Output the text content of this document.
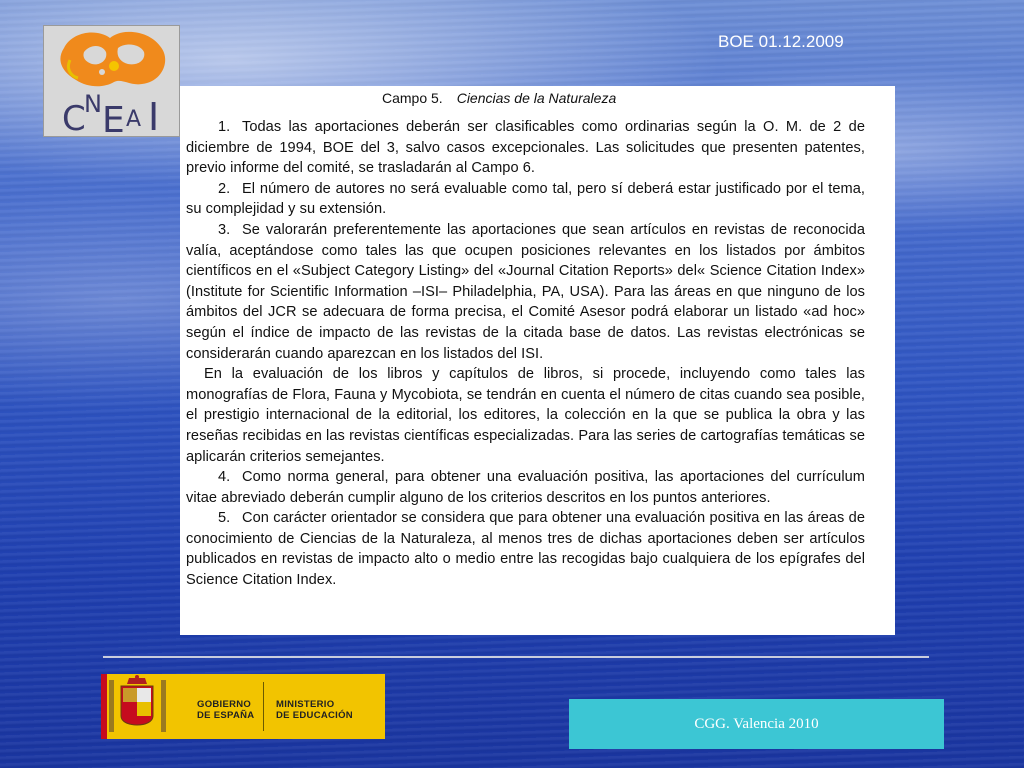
C
N E A I
BOE 01.12.2009
Campo 5. Ciencias de la Naturaleza
1. Todas las aportaciones deberán ser clasificables como ordinarias según la O. M. de 2 de diciembre de 1994, BOE del 3, salvo casos excepcionales. Las solicitudes que presenten patentes, previo informe del comité, se trasladarán al Campo 6.
2. El número de autores no será evaluable como tal, pero sí deberá estar justificado por el tema, su complejidad y su extensión.
3. Se valorarán preferentemente las aportaciones que sean artículos en revistas de reconocida valía, aceptándose como tales las que ocupen posiciones relevantes en los listados por ámbitos científicos en el «Subject Category Listing» del «Journal Citation Reports» del« Science Citation Index» (Institute for Scientific Information –ISI– Philadelphia, PA, USA). Para las áreas en que ninguno de los ámbitos del JCR se adecuara de forma precisa, el Comité Asesor podrá elaborar un listado «ad hoc» según el índice de impacto de las revistas de la citada base de datos. Las revistas electrónicas se considerarán cuando aparezcan en los listados del ISI.
En la evaluación de los libros y capítulos de libros, si procede, incluyendo como tales las monografías de Flora, Fauna y Mycobiota, se tendrán en cuenta el número de citas cuando sea posible, el prestigio internacional de la editorial, los editores, la colección en la que se publica la obra y las reseñas recibidas en las revistas científicas especializadas. Para las series de cartografías temáticas se aplicarán criterios semejantes.
4. Como norma general, para obtener una evaluación positiva, las aportaciones del currículum vitae abreviado deberán cumplir alguno de los criterios descritos en los puntos anteriores.
5. Con carácter orientador se considera que para obtener una evaluación positiva en las áreas de conocimiento de Ciencias de la Naturaleza, al menos tres de dichas aportaciones deben ser artículos publicados en revistas de impacto alto o medio entre las recogidas bajo cualquiera de los epígrafes del Science Citation Index.
GOBIERNO
DE ESPAÑA
MINISTERIO
DE EDUCACIÓN	CGG. Valencia 2010
